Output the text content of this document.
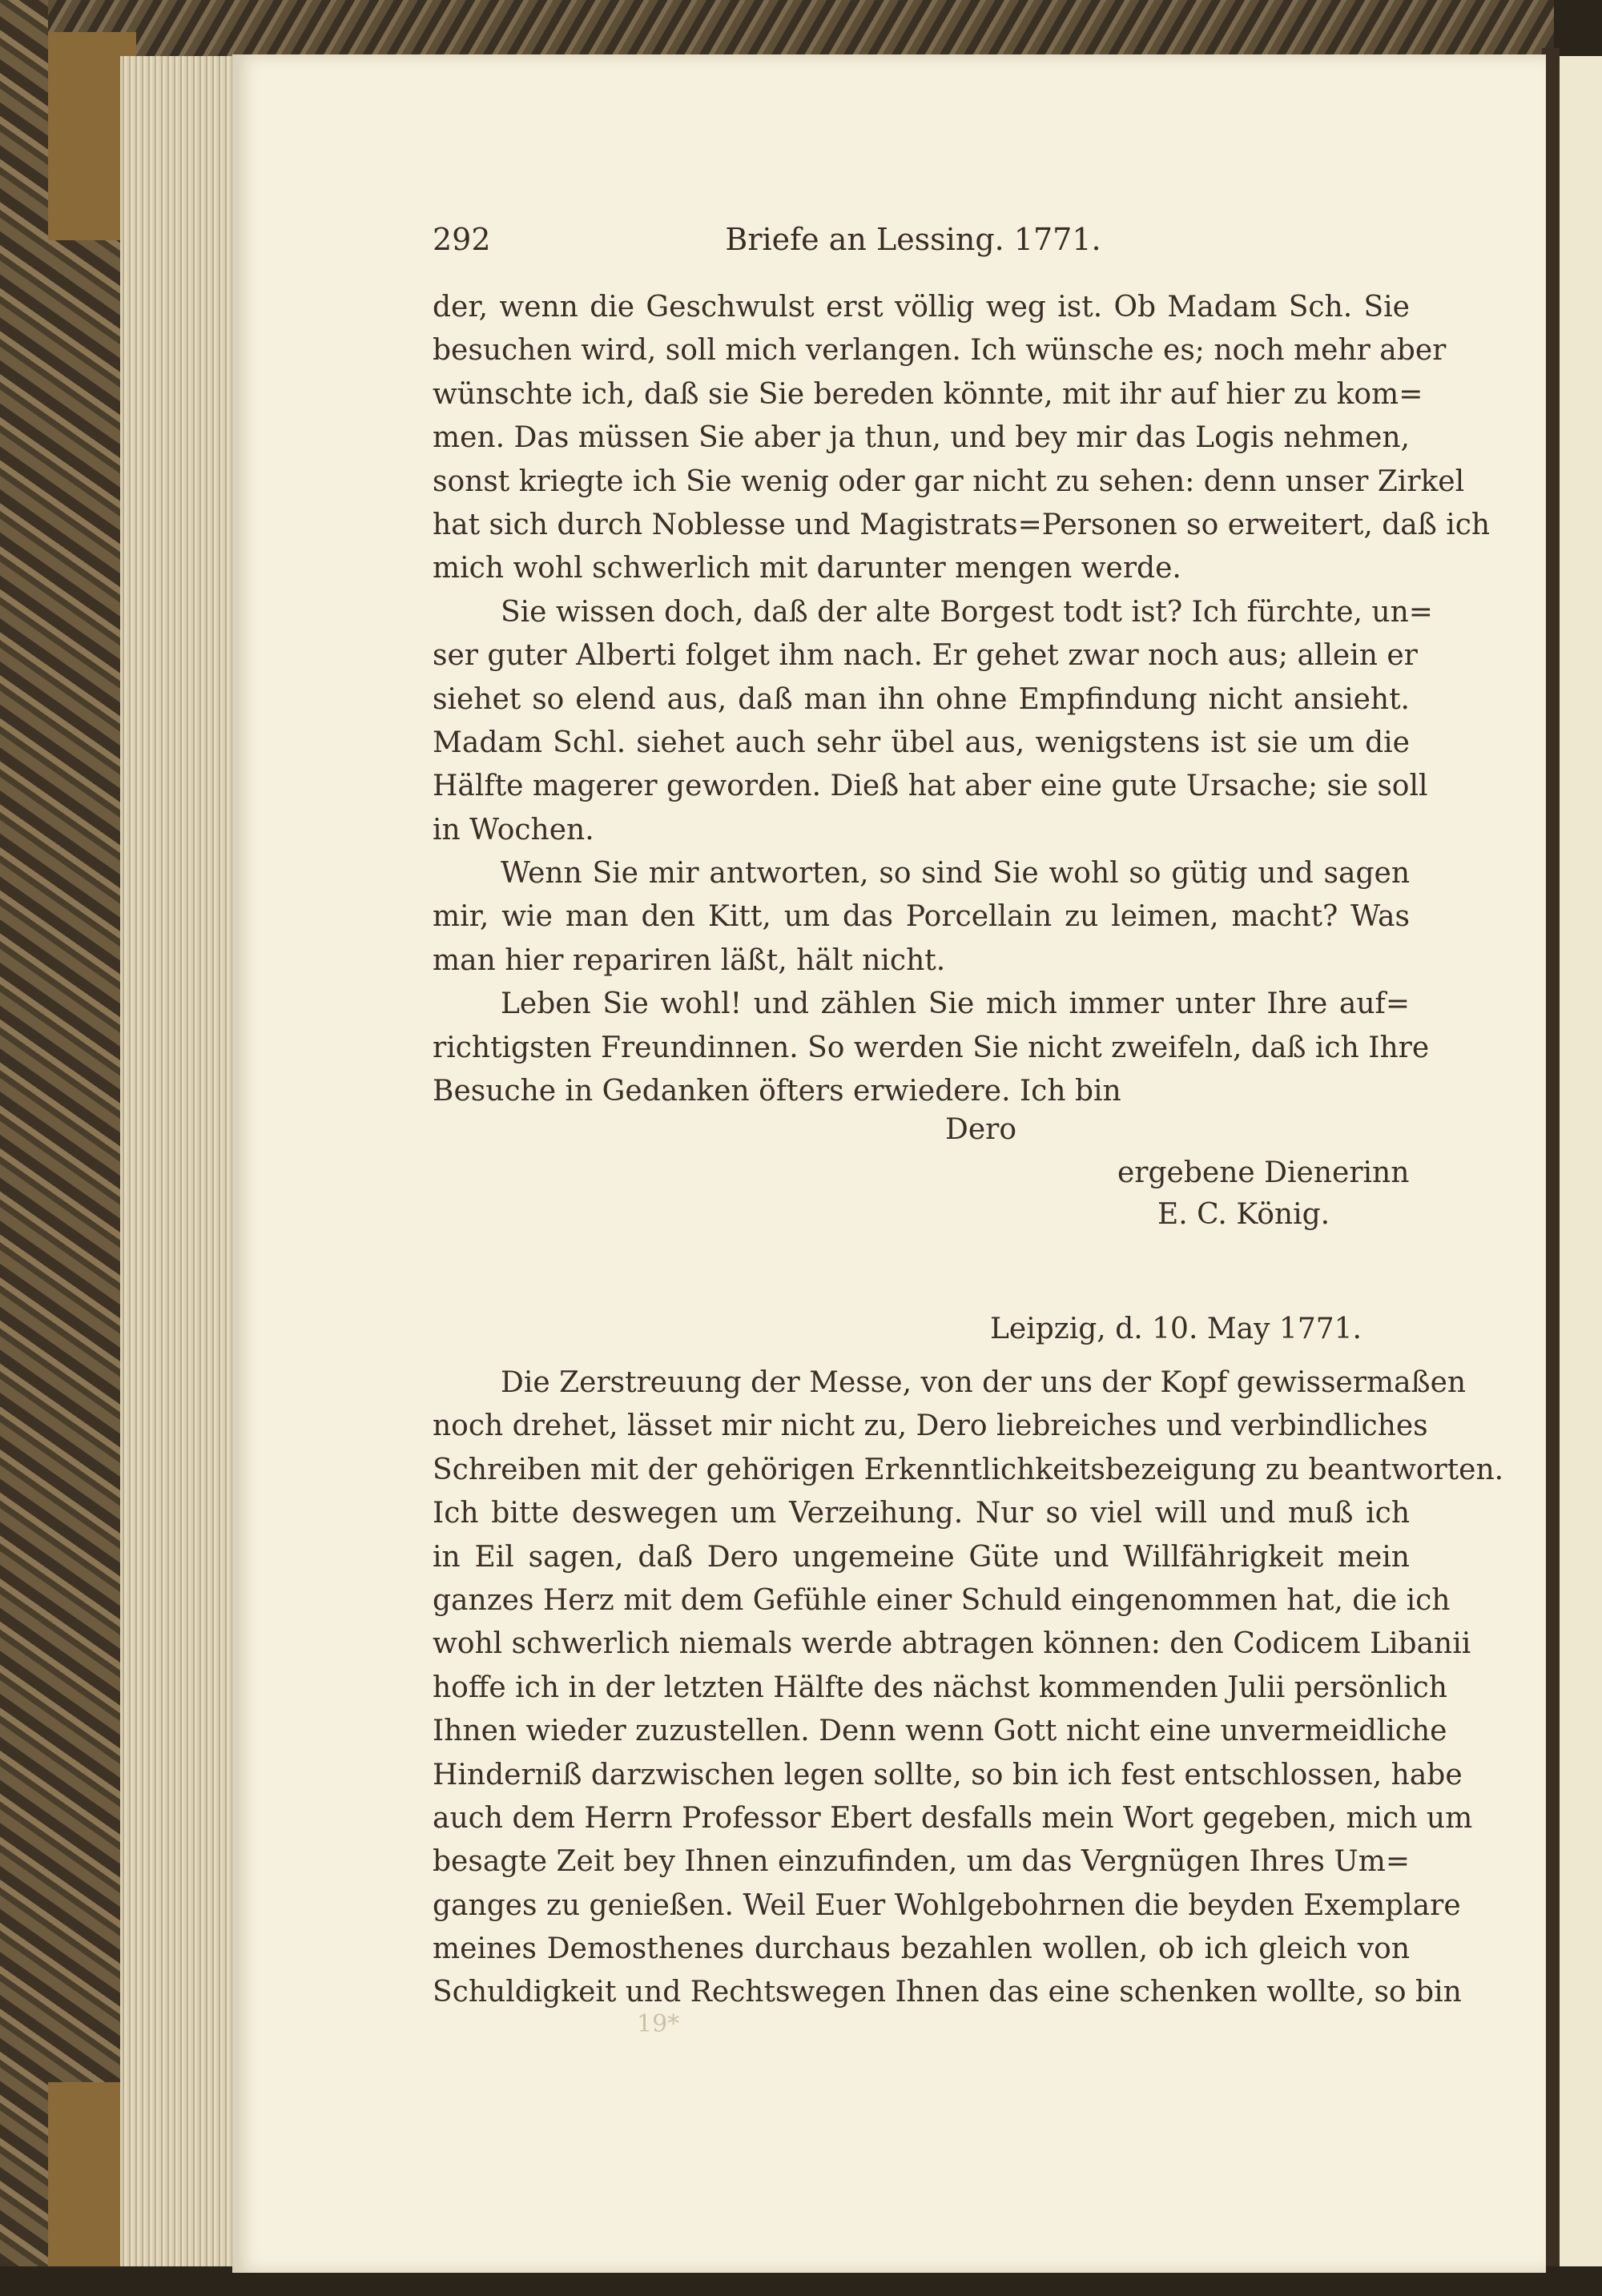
292	Briefe an Lessing. 1771.
der, wenn die Geschwulst erst völlig weg ist. Ob Madam Sch. Sie
besuchen wird, soll mich verlangen. Ich wünsche es; noch mehr aber
wünschte ich, daß sie Sie bereden könnte, mit ihr auf hier zu kom=
men. Das müssen Sie aber ja thun, und bey mir das Logis nehmen,
sonst kriegte ich Sie wenig oder gar nicht zu sehen: denn unser Zirkel
hat sich durch Noblesse und Magistrats=Personen so erweitert, daß ich
mich wohl schwerlich mit darunter mengen werde.
Sie wissen doch, daß der alte Borgest todt ist? Ich fürchte, un=
ser guter Alberti folget ihm nach. Er gehet zwar noch aus; allein er
siehet so elend aus, daß man ihn ohne Empfindung nicht ansieht.
Madam Schl. siehet auch sehr übel aus, wenigstens ist sie um die
Hälfte magerer geworden. Dieß hat aber eine gute Ursache; sie soll
in Wochen.
Wenn Sie mir antworten, so sind Sie wohl so gütig und sagen
mir, wie man den Kitt, um das Porcellain zu leimen, macht? Was
man hier repariren läßt, hält nicht.
Leben Sie wohl! und zählen Sie mich immer unter Ihre auf=
richtigsten Freundinnen. So werden Sie nicht zweifeln, daß ich Ihre
Besuche in Gedanken öfters erwiedere. Ich bin
Dero
ergebene Dienerinn
E. C. König.
Leipzig, d. 10. May 1771.
Die Zerstreuung der Messe, von der uns der Kopf gewissermaßen
noch drehet, lässet mir nicht zu, Dero liebreiches und verbindliches
Schreiben mit der gehörigen Erkenntlichkeitsbezeigung zu beantworten.
Ich bitte deswegen um Verzeihung. Nur so viel will und muß ich
in Eil sagen, daß Dero ungemeine Güte und Willfährigkeit mein
ganzes Herz mit dem Gefühle einer Schuld eingenommen hat, die ich
wohl schwerlich niemals werde abtragen können: den Codicem Libanii
hoffe ich in der letzten Hälfte des nächst kommenden Julii persönlich
Ihnen wieder zuzustellen. Denn wenn Gott nicht eine unvermeidliche
Hinderniß darzwischen legen sollte, so bin ich fest entschlossen, habe
auch dem Herrn Professor Ebert desfalls mein Wort gegeben, mich um
besagte Zeit bey Ihnen einzufinden, um das Vergnügen Ihres Um=
ganges zu genießen. Weil Euer Wohlgebohrnen die beyden Exemplare
meines Demosthenes durchaus bezahlen wollen, ob ich gleich von
Schuldigkeit und Rechtswegen Ihnen das eine schenken wollte, so bin
19*
